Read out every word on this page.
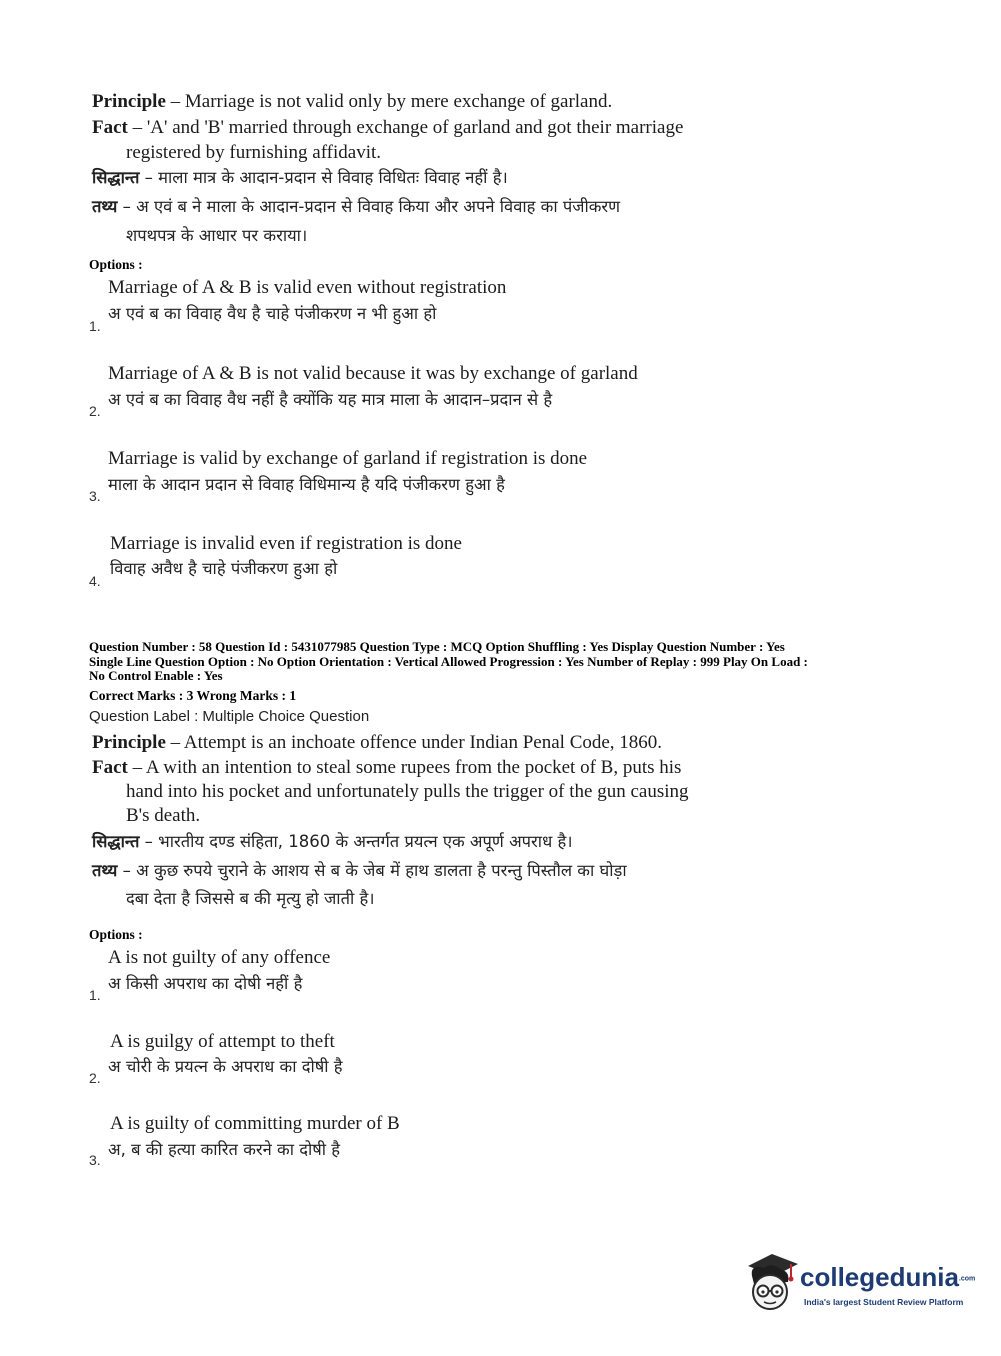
Principle – Marriage is not valid only by mere exchange of garland.
Fact – 'A' and 'B' married through exchange of garland and got their marriage
registered by furnishing affidavit.
सिद्धान्त – माला मात्र के आदान-प्रदान से विवाह विधितः विवाह नहीं है।
तथ्य – अ एवं ब ने माला के आदान-प्रदान से विवाह किया और अपने विवाह का पंजीकरण
शपथपत्र के आधार पर कराया।
Options :
Marriage of A & B is valid even without registration
अ एवं ब का विवाह वैध है चाहे पंजीकरण न भी हुआ हो
1.
Marriage of A & B is not valid because it was by exchange of garland
अ एवं ब का विवाह वैध नहीं है क्योंकि यह मात्र माला के आदान–प्रदान से है
2.
Marriage is valid by exchange of garland if registration is done
माला के आदान प्रदान से विवाह विधिमान्य है यदि पंजीकरण हुआ है
3.
Marriage is invalid even if registration is done
विवाह अवैध है चाहे पंजीकरण हुआ हो
4.
Question Number : 58 Question Id : 5431077985 Question Type : MCQ Option Shuffling : Yes Display Question Number : Yes
Single Line Question Option : No Option Orientation : Vertical Allowed Progression : Yes Number of Replay : 999 Play On Load :
No Control Enable : Yes
Correct Marks : 3 Wrong Marks : 1
Question Label : Multiple Choice Question
Principle – Attempt is an inchoate offence under Indian Penal Code, 1860.
Fact – A with an intention to steal some rupees from the pocket of B, puts his
hand into his pocket and unfortunately pulls the trigger of the gun causing
B's death.
सिद्धान्त – भारतीय दण्ड संहिता, 1860 के अन्तर्गत प्रयत्न एक अपूर्ण अपराध है।
तथ्य – अ कुछ रुपये चुराने के आशय से ब के जेब में हाथ डालता है परन्तु पिस्तौल का घोड़ा
दबा देता है जिससे ब की मृत्यु हो जाती है।
Options :
A is not guilty of any offence
अ किसी अपराध का दोषी नहीं है
1.
A is guilgy of attempt to theft
अ चोरी के प्रयत्न के अपराध का दोषी है
2.
A is guilty of committing murder of B
अ, ब की हत्या कारित करने का दोषी है
3.
collegedunia.com
India's largest Student Review Platform
